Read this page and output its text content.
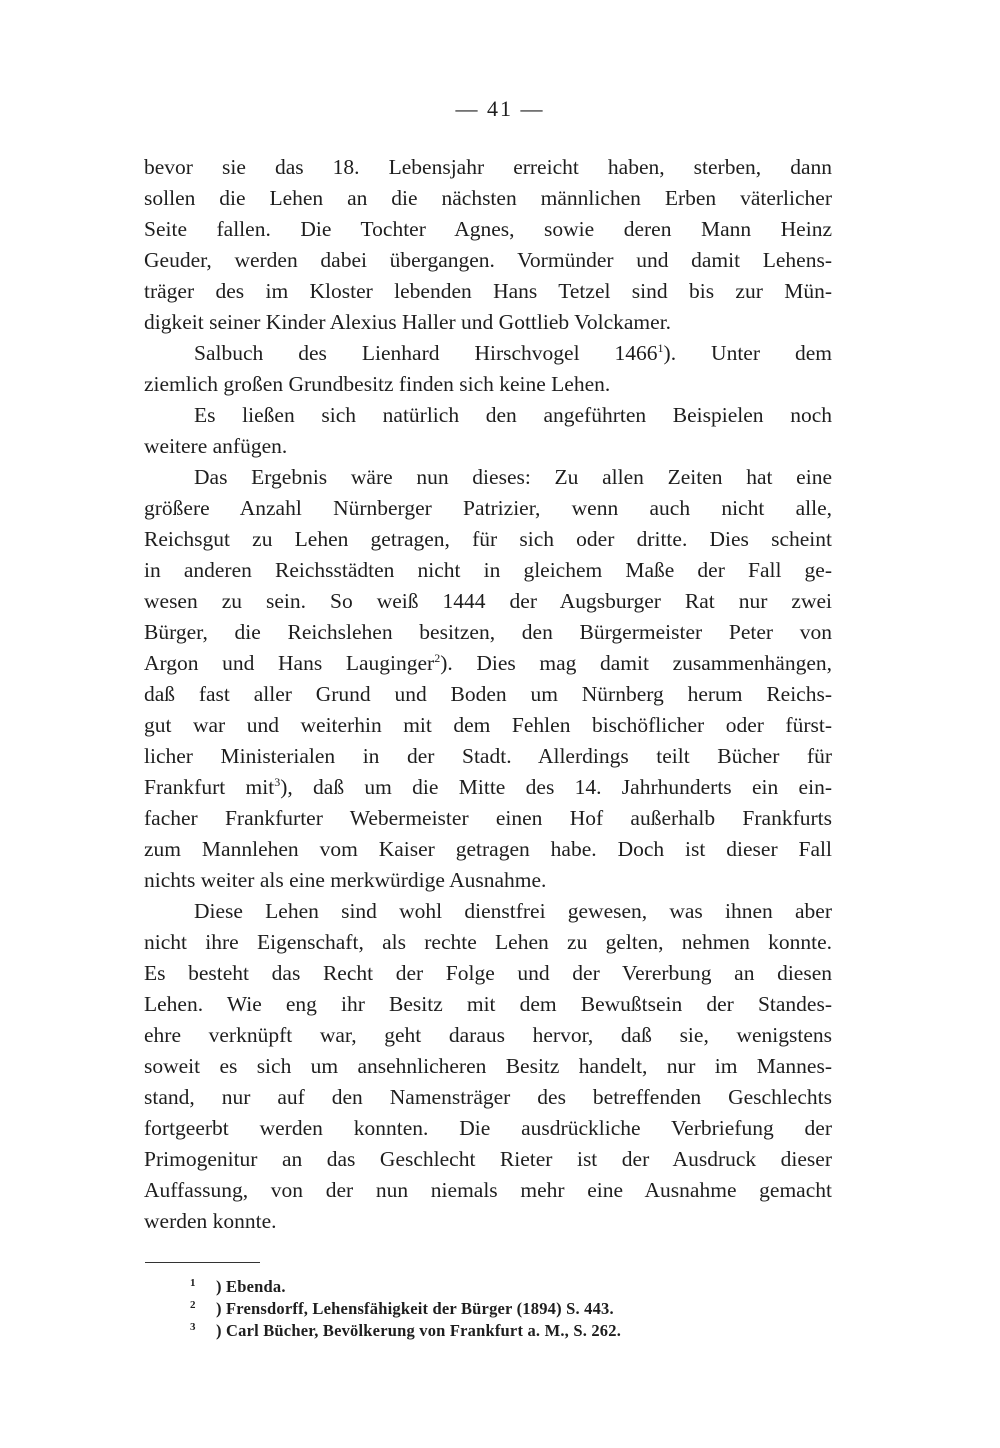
— 41 —
bevor sie das 18. Lebensjahr erreicht haben, sterben, dann
sollen die Lehen an die nächsten männlichen Erben väterlicher
Seite fallen. Die Tochter Agnes, sowie deren Mann Heinz
Geuder, werden dabei übergangen. Vormünder und damit Lehens-
träger des im Kloster lebenden Hans Tetzel sind bis zur Mün-
digkeit seiner Kinder Alexius Haller und Gottlieb Volckamer.
Salbuch des Lienhard Hirschvogel 1466$^1$). Unter dem
ziemlich großen Grundbesitz finden sich keine Lehen.
Es ließen sich natürlich den angeführten Beispielen noch
weitere anfügen.
Das Ergebnis wäre nun dieses: Zu allen Zeiten hat eine
größere Anzahl Nürnberger Patrizier, wenn auch nicht alle,
Reichsgut zu Lehen getragen, für sich oder dritte. Dies scheint
in anderen Reichsstädten nicht in gleichem Maße der Fall ge-
wesen zu sein. So weiß 1444 der Augsburger Rat nur zwei
Bürger, die Reichslehen besitzen, den Bürgermeister Peter von
Argon und Hans Lauginger$^2$). Dies mag damit zusammenhängen,
daß fast aller Grund und Boden um Nürnberg herum Reichs-
gut war und weiterhin mit dem Fehlen bischöflicher oder fürst-
licher Ministerialen in der Stadt. Allerdings teilt Bücher für
Frankfurt mit$^3$), daß um die Mitte des 14. Jahrhunderts ein ein-
facher Frankfurter Webermeister einen Hof außerhalb Frankfurts
zum Mannlehen vom Kaiser getragen habe. Doch ist dieser Fall
nichts weiter als eine merkwürdige Ausnahme.
Diese Lehen sind wohl dienstfrei gewesen, was ihnen aber
nicht ihre Eigenschaft, als rechte Lehen zu gelten, nehmen konnte.
Es besteht das Recht der Folge und der Vererbung an diesen
Lehen. Wie eng ihr Besitz mit dem Bewußtsein der Standes-
ehre verknüpft war, geht daraus hervor, daß sie, wenigstens
soweit es sich um ansehnlicheren Besitz handelt, nur im Mannes-
stand, nur auf den Namensträger des betreffenden Geschlechts
fortgeerbt werden konnten. Die ausdrückliche Verbriefung der
Primogenitur an das Geschlecht Rieter ist der Ausdruck dieser
Auffassung, von der nun niemals mehr eine Ausnahme gemacht
werden konnte.
$^1$ ) Ebenda.
$^2$ ) Frensdorff, Lehensfähigkeit der Bürger (1894) S. 443.
$^3$ ) Carl Bücher, Bevölkerung von Frankfurt a. M., S. 262.
